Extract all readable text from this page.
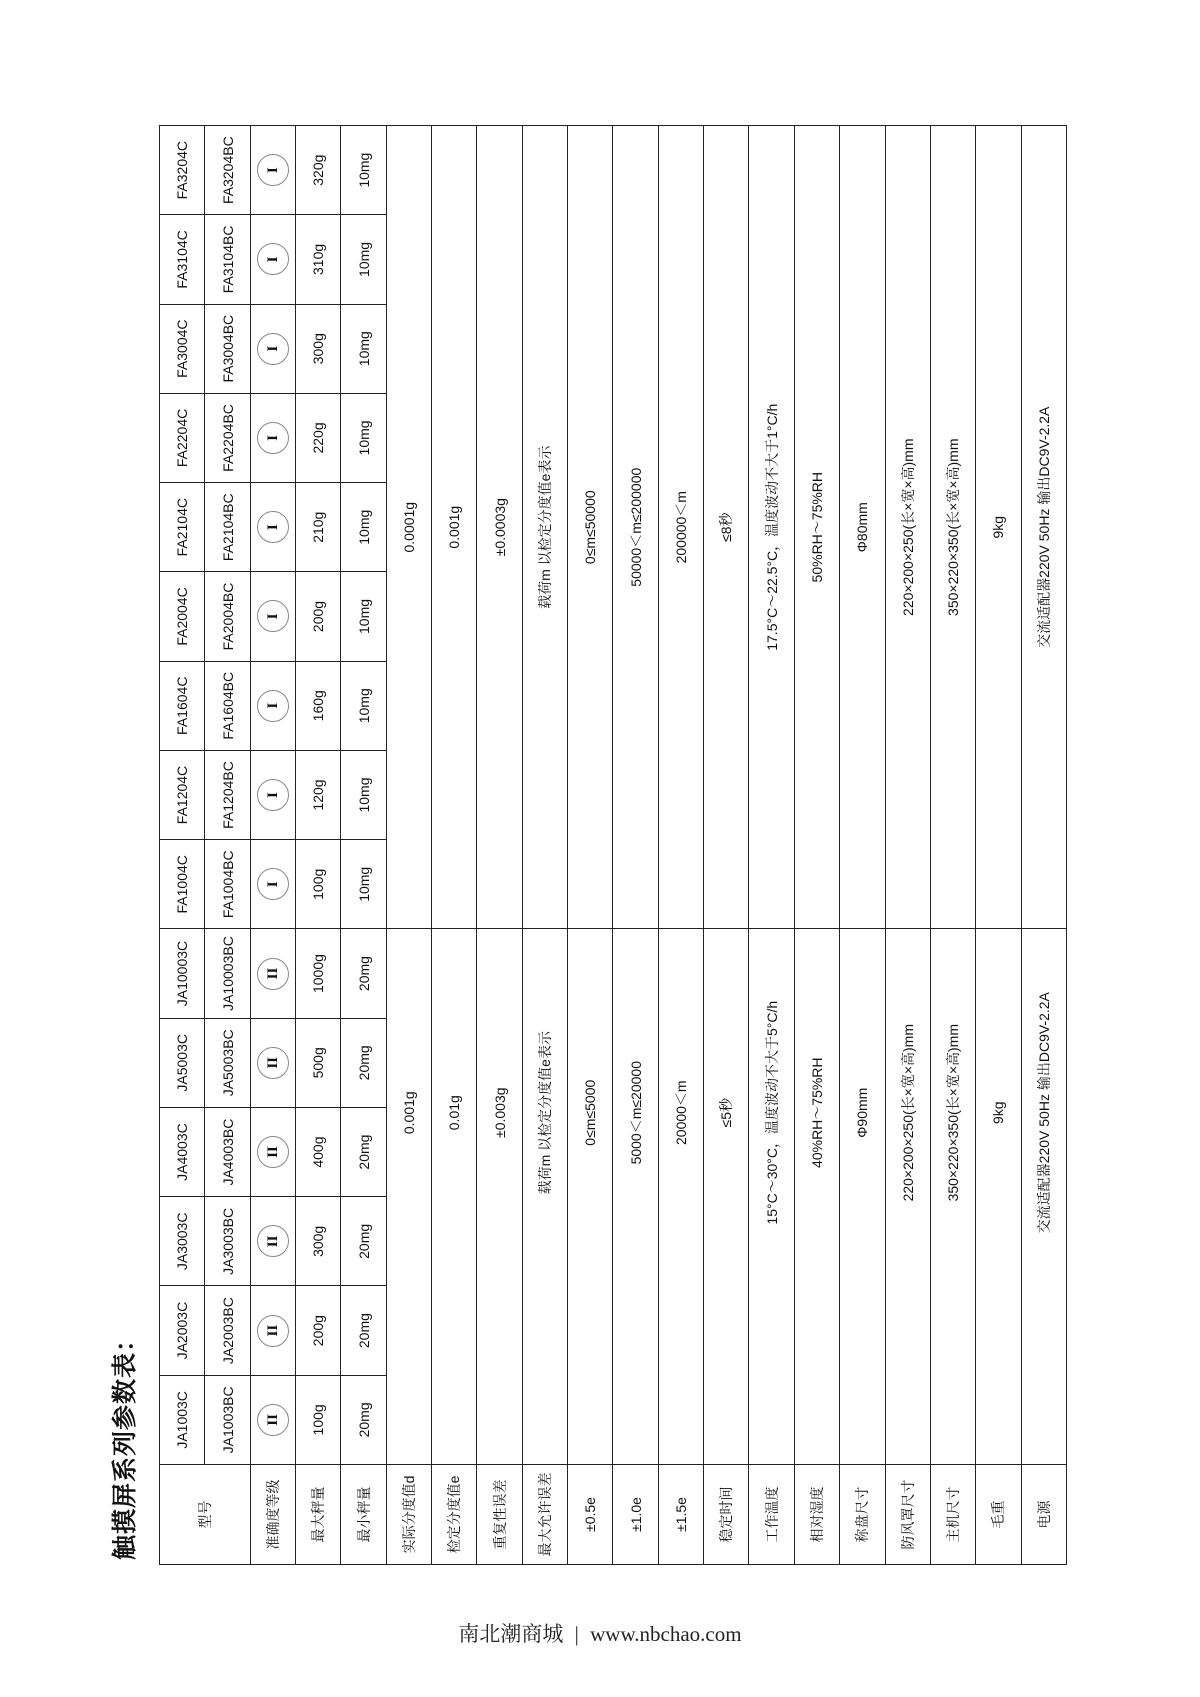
触摸屏系列参数表：	型号	JA1003C	JA2003C	JA3003C	JA4003C	JA5003C	JA10003C	FA1004C	FA1204C	FA1604C	FA2004C	FA2104C	FA2204C	FA3004C	FA3104C	FA3204C
	JA1003BC	JA2003BC	JA3003BC	JA4003BC	JA5003BC	JA10003BC	FA1004BC	FA1204BC	FA1604BC	FA2004BC	FA2104BC	FA2204BC	FA3004BC	FA3104BC	FA3204BC
准确度等级	II	II	II	II	II	II	I	I	I	I	I	I	I	I	I
最大秤量	100g	200g	300g	400g	500g	1000g	100g	120g	160g	200g	210g	220g	300g	310g	320g
最小秤量	20mg	20mg	20mg	20mg	20mg	20mg	10mg	10mg	10mg	10mg	10mg	10mg	10mg	10mg	10mg
实际分度值d	0.001g						0.0001g								
检定分度值e	0.01g						0.001g								
重复性误差	±0.003g						±0.0003g								
最大允许误差	载荷m 以检定分度值e表示						载荷m 以检定分度值e表示								
±0.5e	0≤m≤5000						0≤m≤50000								
±1.0e	5000＜m≤20000						50000＜m≤200000								
±1.5e	20000＜m						200000＜m								
稳定时间	≤5秒						≤8秒								
工作温度	15°C～30°C，温度波动不大于5°C/h						17.5°C～22.5°C，温度波动不大于1°C/h								
相对湿度	40%RH～75%RH						50%RH～75%RH								
称盘尺寸	Φ90mm						Φ80mm								
防风罩尺寸	220×200×250(长×宽×高)mm						220×200×250(长×宽×高)mm								
主机尺寸	350×220×350(长×宽×高)mm						350×220×350(长×宽×高)mm								
毛重	9kg						9kg								
电源	交流适配器220V 50Hz 输出DC9V-2.2A						交流适配器220V 50Hz 输出DC9V-2.2A								
南北潮商城 | www.nbchao.com
